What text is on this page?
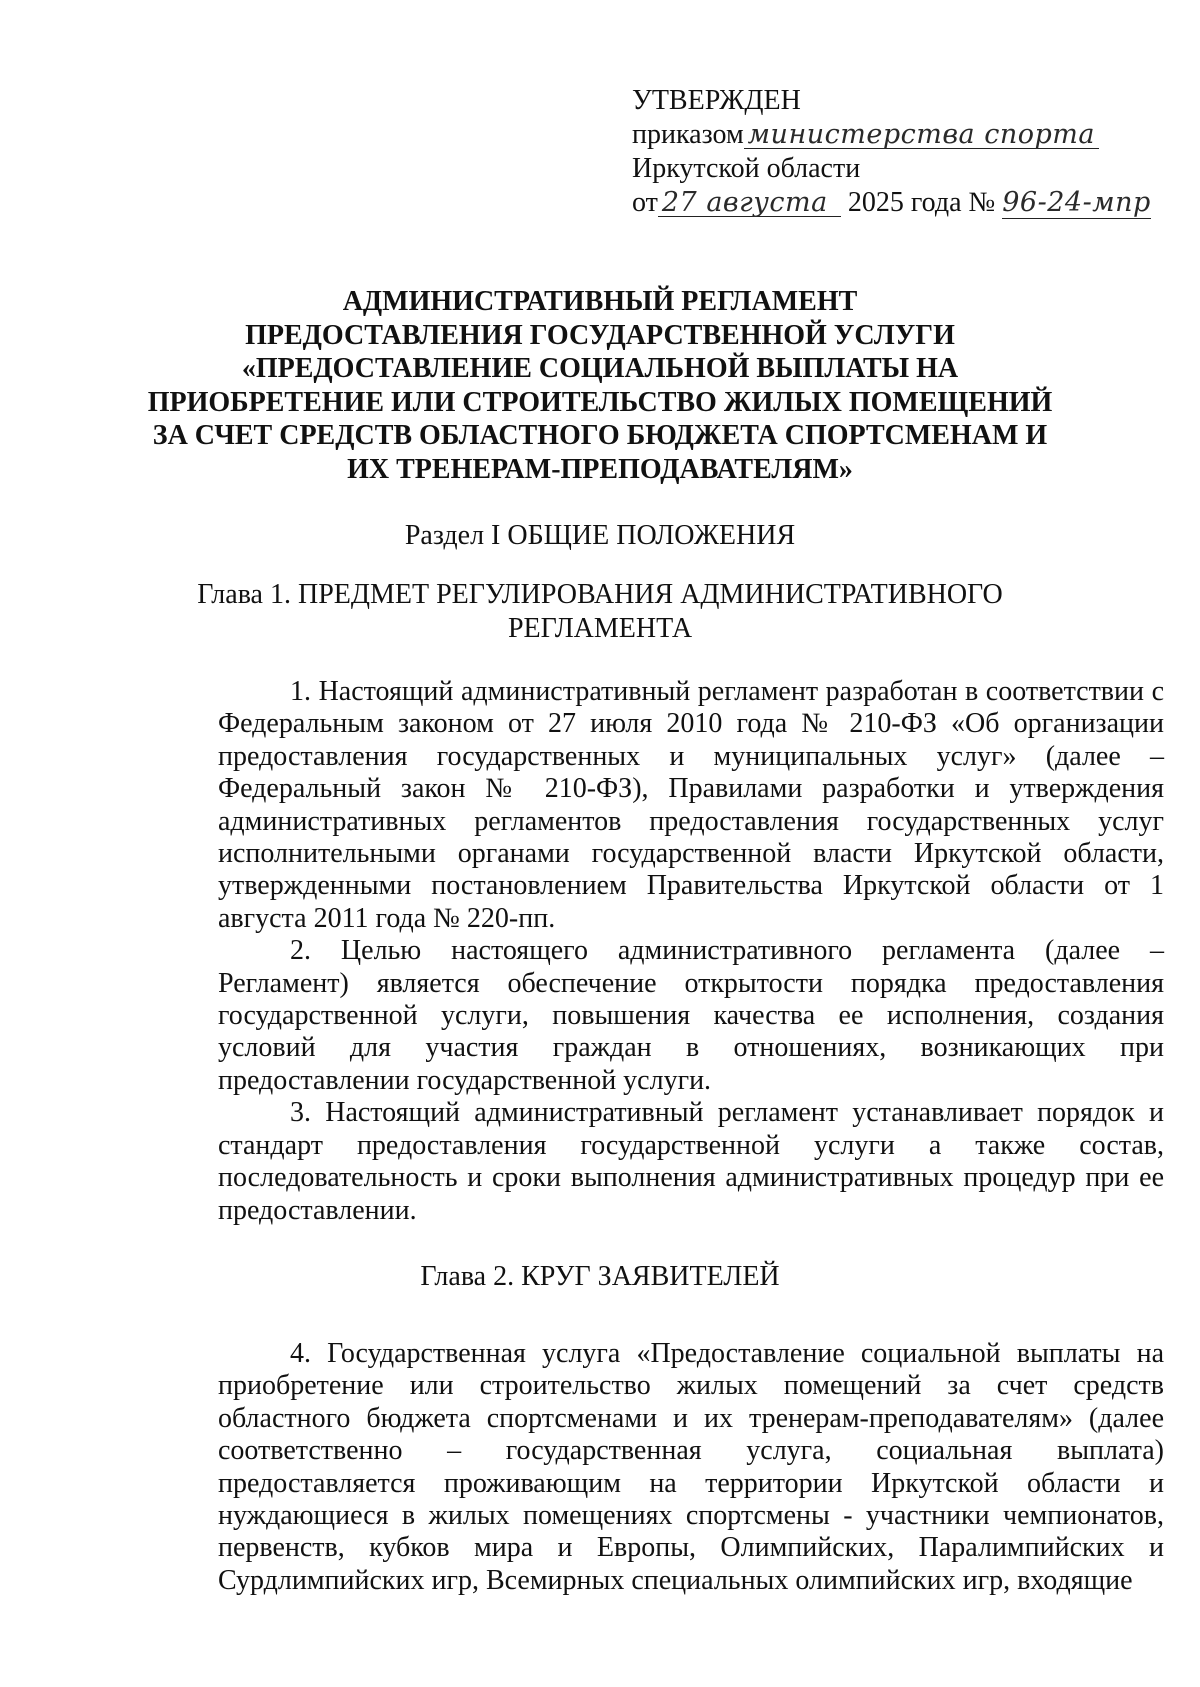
УТВЕРЖДЕН
приказом министерства спорта
Иркутской области
от 27 августа 2025 года № 96-24-мпр
АДМИНИСТРАТИВНЫЙ РЕГЛАМЕНТ
ПРЕДОСТАВЛЕНИЯ ГОСУДАРСТВЕННОЙ УСЛУГИ
«ПРЕДОСТАВЛЕНИЕ СОЦИАЛЬНОЙ ВЫПЛАТЫ НА
ПРИОБРЕТЕНИЕ ИЛИ СТРОИТЕЛЬСТВО ЖИЛЫХ ПОМЕЩЕНИЙ
ЗА СЧЕТ СРЕДСТВ ОБЛАСТНОГО БЮДЖЕТА СПОРТСМЕНАМ И
ИХ ТРЕНЕРАМ-ПРЕПОДАВАТЕЛЯМ»
Раздел I ОБЩИЕ ПОЛОЖЕНИЯ
Глава 1. ПРЕДМЕТ РЕГУЛИРОВАНИЯ АДМИНИСТРАТИВНОГО
РЕГЛАМЕНТА

1. Настоящий административный регламент разработан в соответствии с Федеральным законом от 27 июля 2010 года № 210-ФЗ «Об организации предоставления государственных и муниципальных услуг» (далее – Федеральный закон № 210-ФЗ), Правилами разработки и утверждения административных регламентов предоставления государственных услуг исполнительными органами государственной власти Иркутской области, утвержденными постановлением Правительства Иркутской области от 1 августа 2011 года № 220-пп.

2. Целью настоящего административного регламента (далее – Регламент) является обеспечение открытости порядка предоставления государственной услуги, повышения качества ее исполнения, создания условий для участия граждан в отношениях, возникающих при предоставлении государственной услуги.

3. Настоящий административный регламент устанавливает порядок и стандарт предоставления государственной услуги а также состав, последовательность и сроки выполнения административных процедур при ее предоставлении.

Глава 2. КРУГ ЗАЯВИТЕЛЕЙ

4. Государственная услуга «Предоставление социальной выплаты на приобретение или строительство жилых помещений за счет средств областного бюджета спортсменами и их тренерам-преподавателям» (далее соответственно – государственная услуга, социальная выплата) предоставляется проживающим на территории Иркутской области и нуждающиеся в жилых помещениях спортсмены - участники чемпионатов, первенств, кубков мира и Европы, Олимпийских, Паралимпийских и Сурдлимпийских игр, Всемирных специальных олимпийских игр, входящие
